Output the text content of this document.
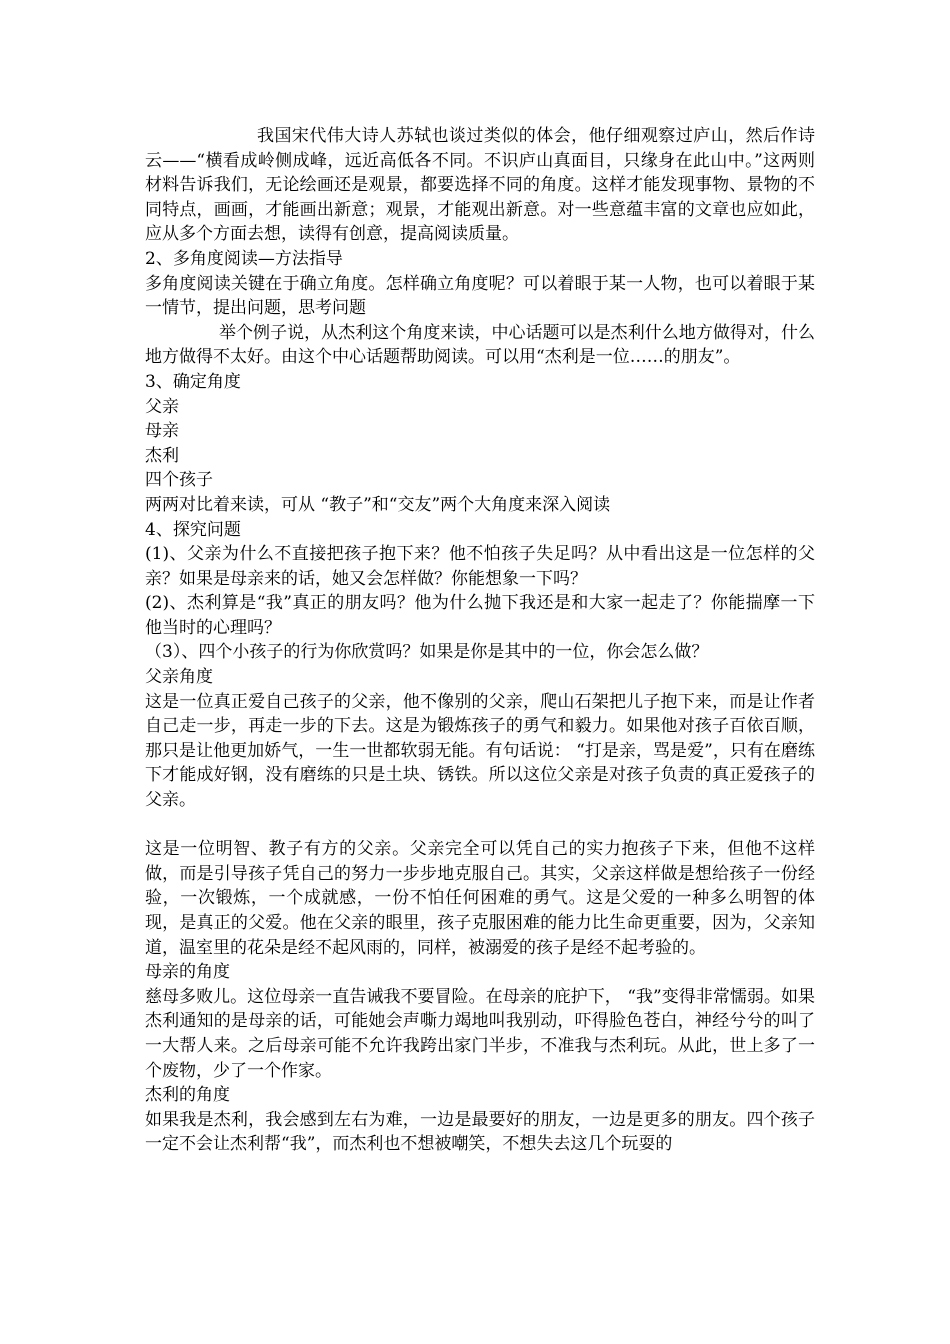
我国宋代伟大诗人苏轼也谈过类似的体会，他仔细观察过庐山，然后作诗云——“横看成岭侧成峰，远近高低各不同。不识庐山真面目，只缘身在此山中。”这两则材料告诉我们，无论绘画还是观景，都要选择不同的角度。这样才能发现事物、景物的不同特点，画画，才能画出新意；观景，才能观出新意。对一些意蕴丰富的文章也应如此，应从多个方面去想，读得有创意，提高阅读质量。

2、多角度阅读—方法指导

多角度阅读关键在于确立角度。怎样确立角度呢？可以着眼于某一人物，也可以着眼于某一情节，提出问题，思考问题

举个例子说，从杰利这个角度来读，中心话题可以是杰利什么地方做得对，什么地方做得不太好。由这个中心话题帮助阅读。可以用“杰利是一位……的朋友”。

3、确定角度

父亲

母亲

杰利

四个孩子

两两对比着来读，可从 “教子”和“交友”两个大角度来深入阅读

4、探究问题

(1)、父亲为什么不直接把孩子抱下来？他不怕孩子失足吗？从中看出这是一位怎样的父亲？如果是母亲来的话，她又会怎样做？你能想象一下吗？

(2)、杰利算是“我”真正的朋友吗？他为什么抛下我还是和大家一起走了？你能揣摩一下他当时的心理吗？

（3）、四个小孩子的行为你欣赏吗？如果是你是其中的一位，你会怎么做？

父亲角度

这是一位真正爱自己孩子的父亲，他不像别的父亲，爬山石架把儿子抱下来，而是让作者自己走一步，再走一步的下去。这是为锻炼孩子的勇气和毅力。如果他对孩子百依百顺，那只是让他更加娇气，一生一世都软弱无能。有句话说： “打是亲，骂是爱”，只有在磨练下才能成好钢，没有磨练的只是土块、锈铁。所以这位父亲是对孩子负责的真正爱孩子的父亲。

这是一位明智、教子有方的父亲。父亲完全可以凭自己的实力抱孩子下来，但他不这样做，而是引导孩子凭自己的努力一步步地克服自己。其实，父亲这样做是想给孩子一份经验，一次锻炼，一个成就感，一份不怕任何困难的勇气。这是父爱的一种多么明智的体现，是真正的父爱。他在父亲的眼里，孩子克服困难的能力比生命更重要，因为，父亲知道，温室里的花朵是经不起风雨的，同样，被溺爱的孩子是经不起考验的。

母亲的角度

慈母多败儿。这位母亲一直告诫我不要冒险。在母亲的庇护下， “我”变得非常懦弱。如果杰利通知的是母亲的话，可能她会声嘶力竭地叫我别动，吓得脸色苍白，神经兮兮的叫了一大帮人来。之后母亲可能不允许我跨出家门半步，不准我与杰利玩。从此，世上多了一个废物，少了一个作家。

杰利的角度

如果我是杰利，我会感到左右为难，一边是最要好的朋友，一边是更多的朋友。四个孩子一定不会让杰利帮“我”，而杰利也不想被嘲笑，不想失去这几个玩耍的
